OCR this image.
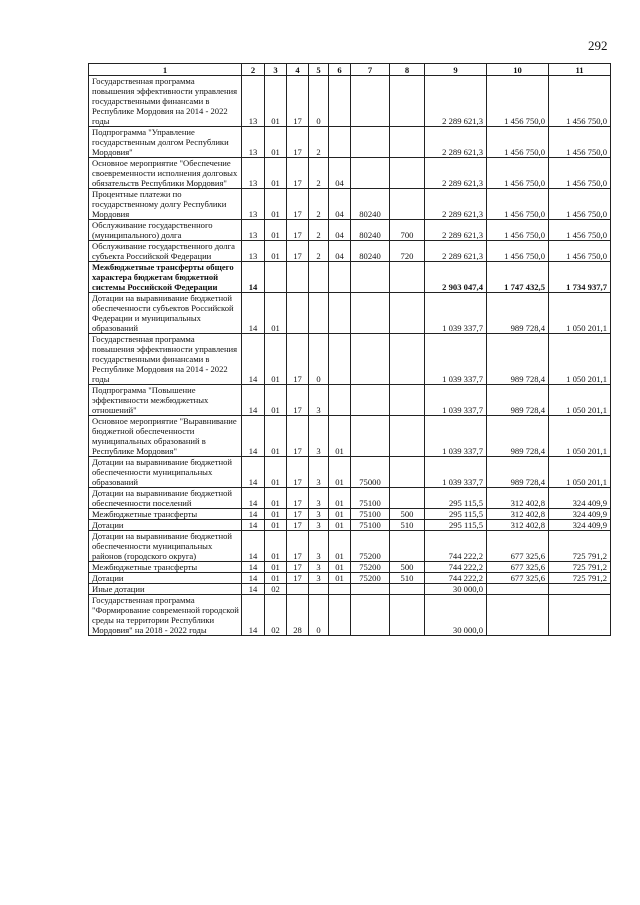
292
1	2	3	4	5	6	7	8	9	10	11
Государственная программа повышения эффективности управления государственными финансами в Республике Мордовия на 2014 - 2022 годы	13	01	17	0				2 289 621,3	1 456 750,0	1 456 750,0
Подпрограмма "Управление государственным долгом Республики Мордовия"	13	01	17	2				2 289 621,3	1 456 750,0	1 456 750,0
Основное мероприятие "Обеспечение своевременности исполнения долговых обязательств Республики Мордовия"	13	01	17	2	04			2 289 621,3	1 456 750,0	1 456 750,0
Процентные платежи по государственному долгу Республики Мордовия	13	01	17	2	04	80240		2 289 621,3	1 456 750,0	1 456 750,0
Обслуживание государственного (муниципального) долга	13	01	17	2	04	80240	700	2 289 621,3	1 456 750,0	1 456 750,0
Обслуживание государственного долга субъекта Российской Федерации	13	01	17	2	04	80240	720	2 289 621,3	1 456 750,0	1 456 750,0
Межбюджетные трансферты общего характера бюджетам бюджетной системы Российской Федерации	14							2 903 047,4	1 747 432,5	1 734 937,7
Дотации на выравнивание бюджетной обеспеченности субъектов Российской Федерации и муниципальных образований	14	01						1 039 337,7	989 728,4	1 050 201,1
Государственная программа повышения эффективности управления государственными финансами в Республике Мордовия на 2014 - 2022 годы	14	01	17	0				1 039 337,7	989 728,4	1 050 201,1
Подпрограмма "Повышение эффективности межбюджетных отношений"	14	01	17	3				1 039 337,7	989 728,4	1 050 201,1
Основное мероприятие "Выравнивание бюджетной обеспеченности муниципальных образований в Республике Мордовия"	14	01	17	3	01			1 039 337,7	989 728,4	1 050 201,1
Дотации на выравнивание бюджетной обеспеченности муниципальных образований	14	01	17	3	01	75000		1 039 337,7	989 728,4	1 050 201,1
Дотации на выравнивание бюджетной обеспеченности поселений	14	01	17	3	01	75100		295 115,5	312 402,8	324 409,9
Межбюджетные трансферты	14	01	17	3	01	75100	500	295 115,5	312 402,8	324 409,9
Дотации	14	01	17	3	01	75100	510	295 115,5	312 402,8	324 409,9
Дотации на выравнивание бюджетной обеспеченности муниципальных районов (городского округа)	14	01	17	3	01	75200		744 222,2	677 325,6	725 791,2
Межбюджетные трансферты	14	01	17	3	01	75200	500	744 222,2	677 325,6	725 791,2
Дотации	14	01	17	3	01	75200	510	744 222,2	677 325,6	725 791,2
Иные дотации	14	02						30 000,0		
Государственная программа "Формирование современной городской среды на территории Республики Мордовия" на 2018 - 2022 годы	14	02	28	0				30 000,0		
